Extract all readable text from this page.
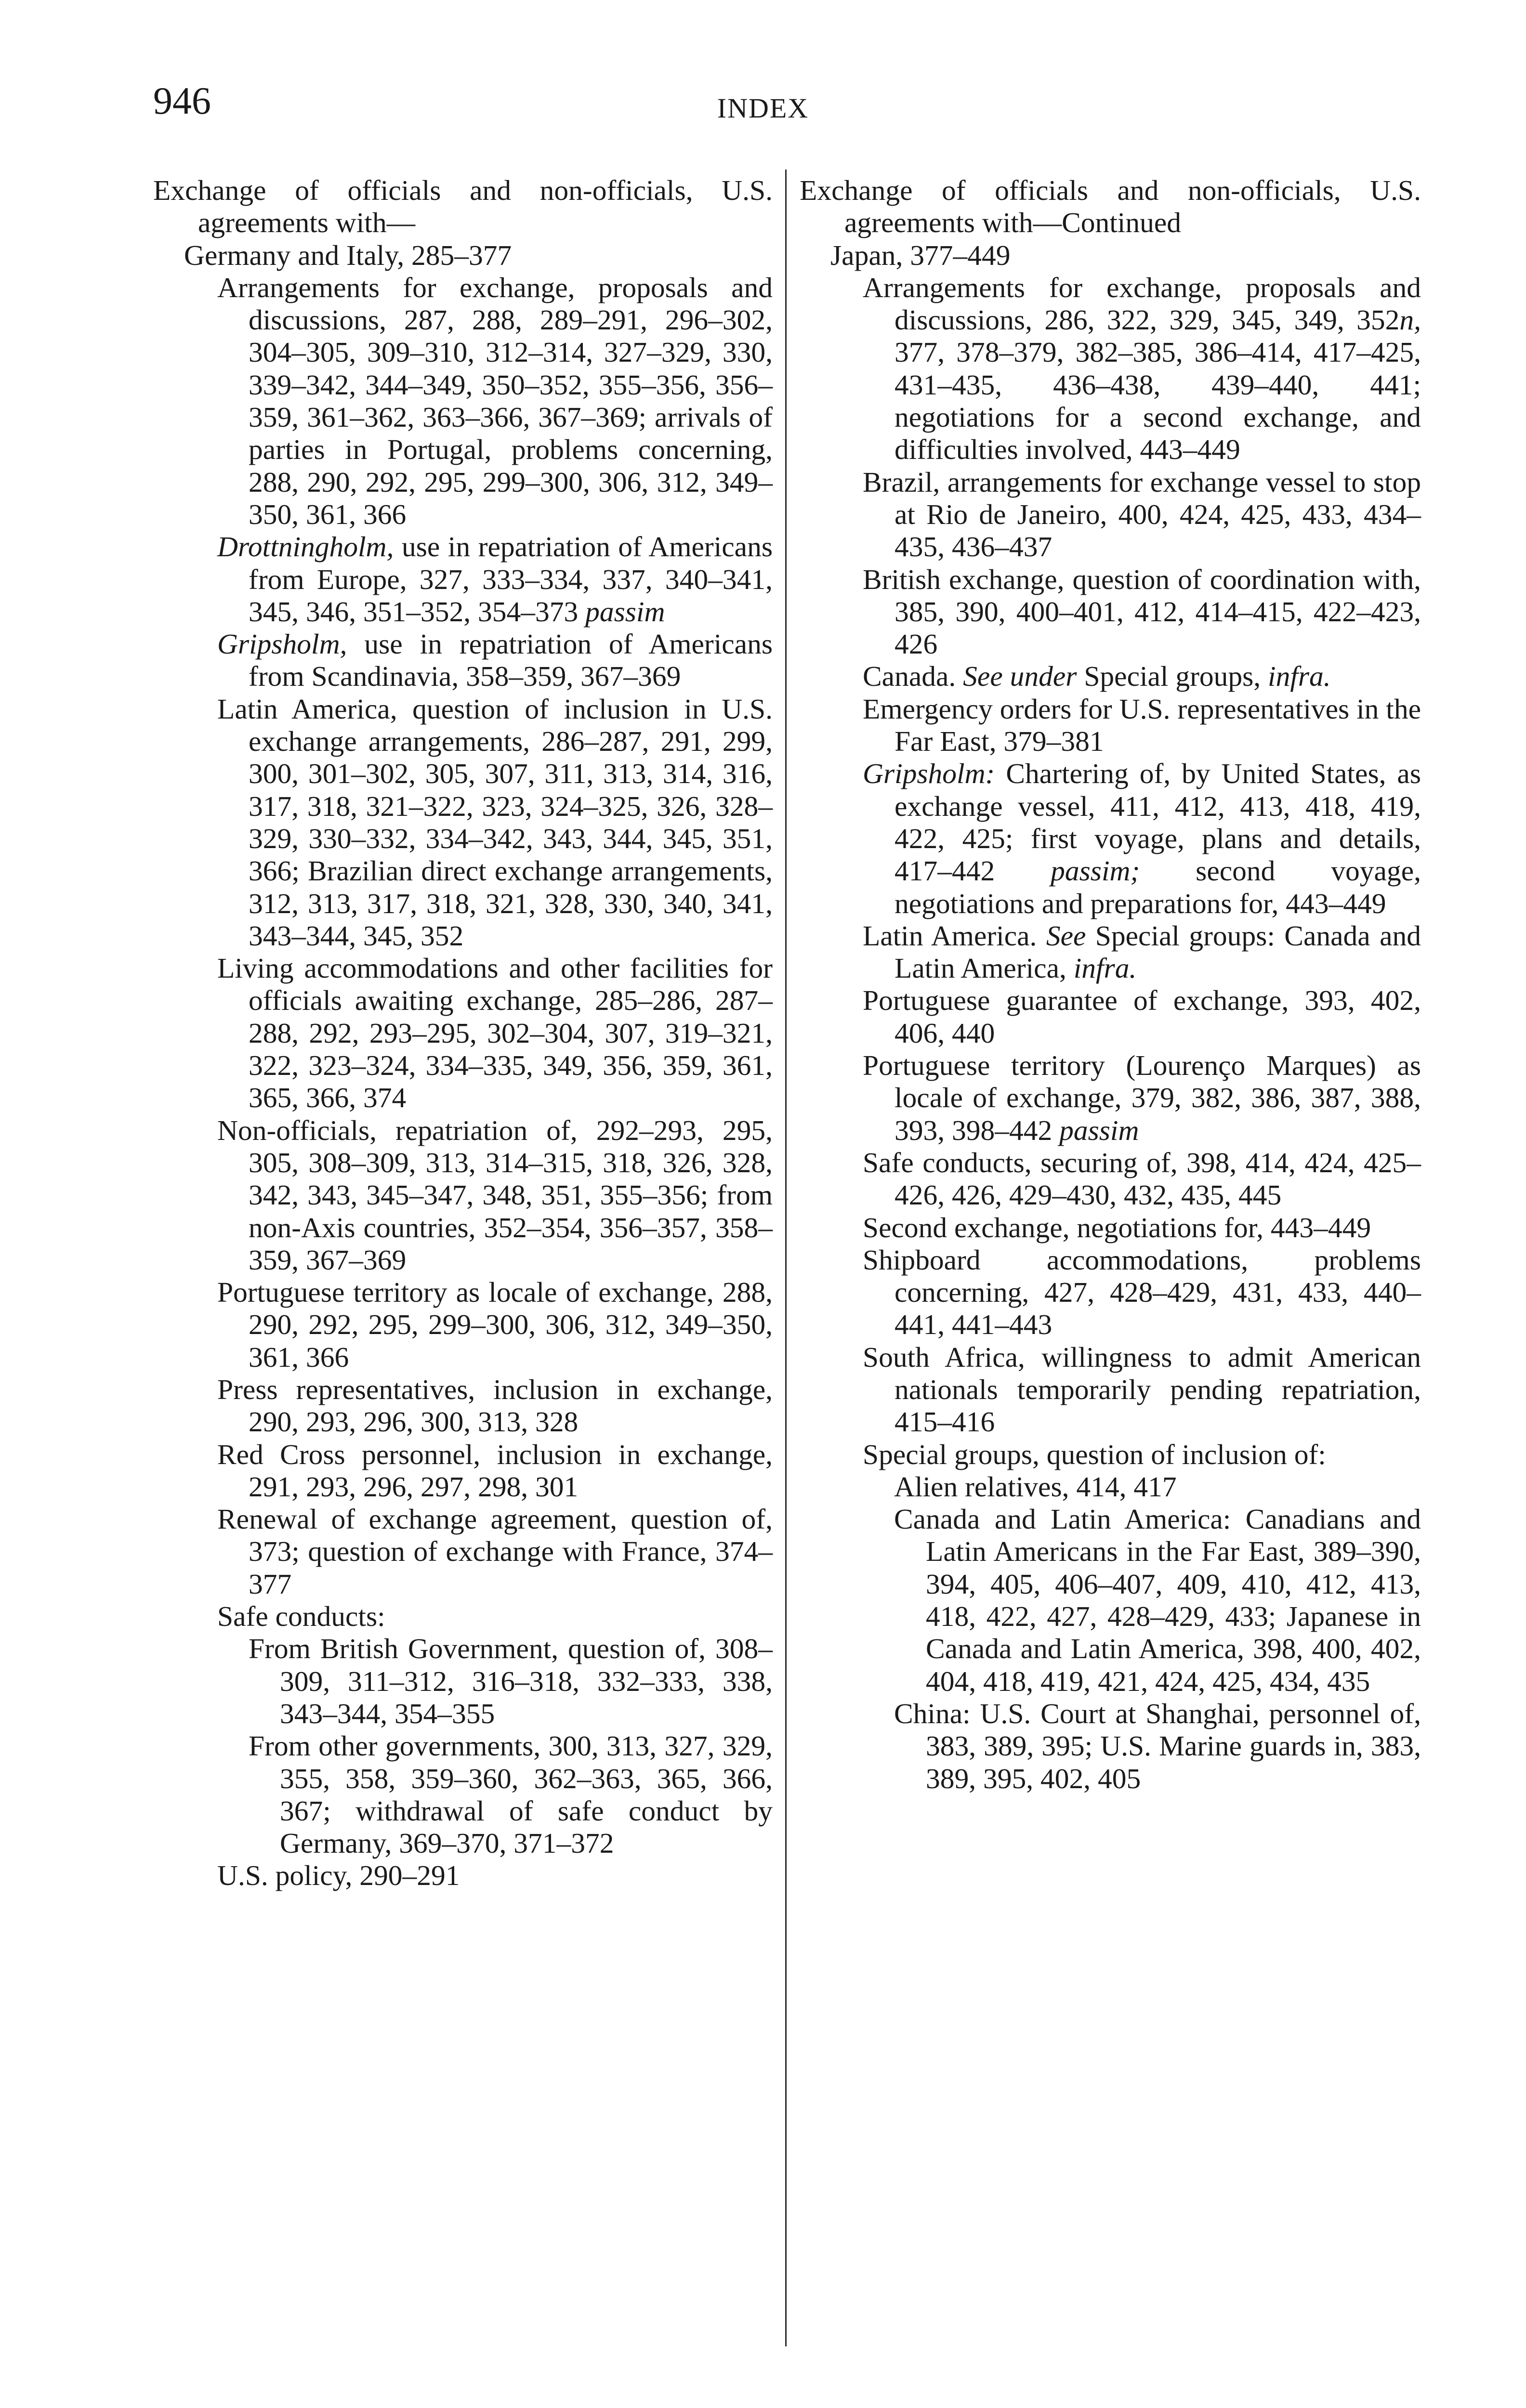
946	INDEX
Exchange of officials and non-officials, U.S. agreements with—
Germany and Italy, 285–377
Arrangements for exchange, proposals and discussions, 287, 288, 289–291, 296–302, 304–305, 309–310, 312–314, 327–329, 330, 339–342, 344–349, 350–352, 355–356, 356–359, 361–362, 363–366, 367–369; arrivals of parties in Portugal, problems concerning, 288, 290, 292, 295, 299–300, 306, 312, 349–350, 361, 366
Drottningholm, use in repatriation of Americans from Europe, 327, 333–334, 337, 340–341, 345, 346, 351–352, 354–373 passim
Gripsholm, use in repatriation of Americans from Scandinavia, 358–359, 367–369
Latin America, question of inclusion in U.S. exchange arrangements, 286–287, 291, 299, 300, 301–302, 305, 307, 311, 313, 314, 316, 317, 318, 321–322, 323, 324–325, 326, 328–329, 330–332, 334–342, 343, 344, 345, 351, 366; Brazilian direct exchange arrangements, 312, 313, 317, 318, 321, 328, 330, 340, 341, 343–344, 345, 352
Living accommodations and other facilities for officials awaiting exchange, 285–286, 287–288, 292, 293–295, 302–304, 307, 319–321, 322, 323–324, 334–335, 349, 356, 359, 361, 365, 366, 374
Non-officials, repatriation of, 292–293, 295, 305, 308–309, 313, 314–315, 318, 326, 328, 342, 343, 345–347, 348, 351, 355–356; from non-Axis countries, 352–354, 356–357, 358–359, 367–369
Portuguese territory as locale of exchange, 288, 290, 292, 295, 299–300, 306, 312, 349–350, 361, 366
Press representatives, inclusion in exchange, 290, 293, 296, 300, 313, 328
Red Cross personnel, inclusion in exchange, 291, 293, 296, 297, 298, 301
Renewal of exchange agreement, question of, 373; question of exchange with France, 374–377
Safe conducts:
From British Government, question of, 308–309, 311–312, 316–318, 332–333, 338, 343–344, 354–355
From other governments, 300, 313, 327, 329, 355, 358, 359–360, 362–363, 365, 366, 367; withdrawal of safe conduct by Germany, 369–370, 371–372
U.S. policy, 290–291
Exchange of officials and non-officials, U.S. agreements with—Continued
Japan, 377–449
Arrangements for exchange, proposals and discussions, 286, 322, 329, 345, 349, 352n, 377, 378–379, 382–385, 386–414, 417–425, 431–435, 436–438, 439–440, 441; negotiations for a second exchange, and difficulties involved, 443–449
Brazil, arrangements for exchange vessel to stop at Rio de Janeiro, 400, 424, 425, 433, 434–435, 436–437
British exchange, question of coordination with, 385, 390, 400–401, 412, 414–415, 422–423, 426
Canada. See under Special groups, infra.
Emergency orders for U.S. representatives in the Far East, 379–381
Gripsholm: Chartering of, by United States, as exchange vessel, 411, 412, 413, 418, 419, 422, 425; first voyage, plans and details, 417–442 passim; second voyage, negotiations and preparations for, 443–449
Latin America. See Special groups: Canada and Latin America, infra.
Portuguese guarantee of exchange, 393, 402, 406, 440
Portuguese territory (Lourenço Marques) as locale of exchange, 379, 382, 386, 387, 388, 393, 398–442 passim
Safe conducts, securing of, 398, 414, 424, 425–426, 426, 429–430, 432, 435, 445
Second exchange, negotiations for, 443–449
Shipboard accommodations, problems concerning, 427, 428–429, 431, 433, 440–441, 441–443
South Africa, willingness to admit American nationals temporarily pending repatriation, 415–416
Special groups, question of inclusion of:
Alien relatives, 414, 417
Canada and Latin America: Canadians and Latin Americans in the Far East, 389–390, 394, 405, 406–407, 409, 410, 412, 413, 418, 422, 427, 428–429, 433; Japanese in Canada and Latin America, 398, 400, 402, 404, 418, 419, 421, 424, 425, 434, 435
China: U.S. Court at Shanghai, personnel of, 383, 389, 395; U.S. Marine guards in, 383, 389, 395, 402, 405
